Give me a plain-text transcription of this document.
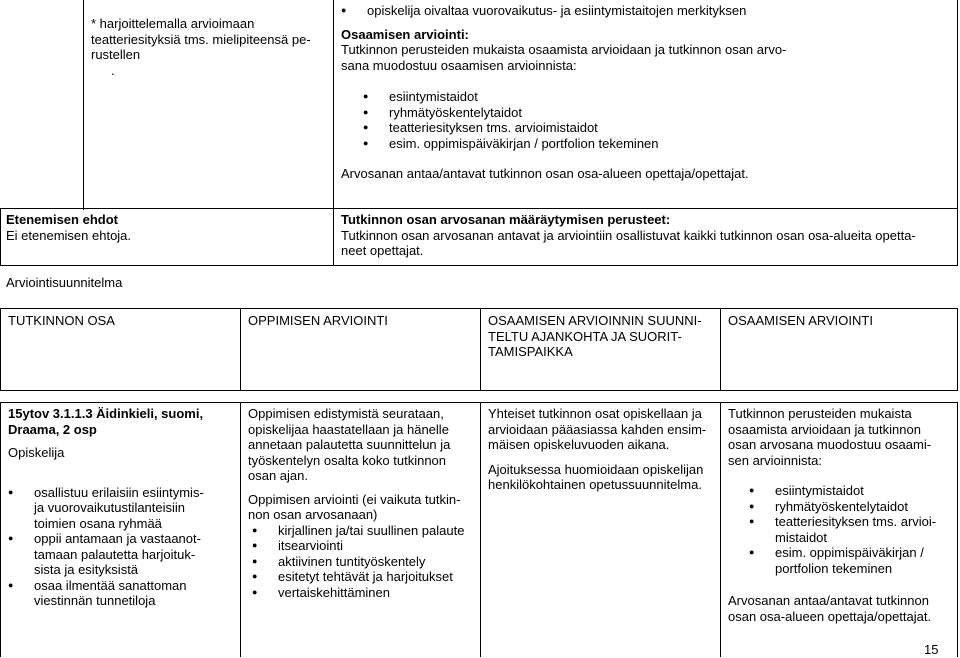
* harjoittelemalla arvioimaan
teatteriesityksiä tms. mielipiteensä pe-
rustellen
.
● opiskelija oivaltaa vuorovaikutus- ja esiintymistaitojen merkityksen
Osaamisen arviointi:
Tutkinnon perusteiden mukaista osaamista arvioidaan ja tutkinnon osan arvo-
sana muodostuu osaamisen arvioinnista:
● esiintymistaidot
● ryhmätyöskentelytaidot
● teatteriesityksen tms. arvioimistaidot
● esim. oppimispäiväkirjan / portfolion tekeminen
Arvosanan antaa/antavat tutkinnon osan osa-alueen opettaja/opettajat.
Etenemisen ehdot
Ei etenemisen ehtoja.
Tutkinnon osan arvosanan määräytymisen perusteet:
Tutkinnon osan arvosanan antavat ja arviointiin osallistuvat kaikki tutkinnon osan osa-alueita opetta-
neet opettajat.
Arviointisuunnitelma
TUTKINNON OSA	OPPIMISEN ARVIOINTI	OSAAMISEN ARVIOINNIN SUUNNI-
TELTU AJANKOHTA JA SUORIT-
TAMISPAIKKA
OSAAMISEN ARVIOINTI
15ytov 3.1.1.3 Äidinkieli, suomi,
Draama, 2 osp
Opiskelija
● osallistuu erilaisiin esiintymis-
ja vuorovaikutustilanteisiin
toimien osana ryhmää
● oppii antamaan ja vastaanot-
tamaan palautetta harjoituk-
sista ja esityksistä
● osaa ilmentää sanattoman
viestinnän tunnetiloja
Oppimisen edistymistä seurataan,
opiskelijaa haastatellaan ja hänelle
annetaan palautetta suunnittelun ja
työskentelyn osalta koko tutkinnon
osan ajan.
Oppimisen arviointi (ei vaikuta tutkin-
non osan arvosanaan)
● kirjallinen ja/tai suullinen palaute
● itsearviointi
● aktiivinen tuntityöskentely
● esitetyt tehtävät ja harjoitukset
● vertaiskehittäminen
Yhteiset tutkinnon osat opiskellaan ja
arvioidaan pääasiassa kahden ensim-
mäisen opiskeluvuoden aikana.
Ajoituksessa huomioidaan opiskelijan
henkilökohtainen opetussuunnitelma.
Tutkinnon perusteiden mukaista
osaamista arvioidaan ja tutkinnon
osan arvosana muodostuu osaami-
sen arvioinnista:
● esiintymistaidot
● ryhmätyöskentelytaidot
● teatteriesityksen tms. arvioi-
mistaidot
● esim. oppimispäiväkirjan /
portfolion tekeminen
Arvosanan antaa/antavat tutkinnon
osan osa-alueen opettaja/opettajat.
15
